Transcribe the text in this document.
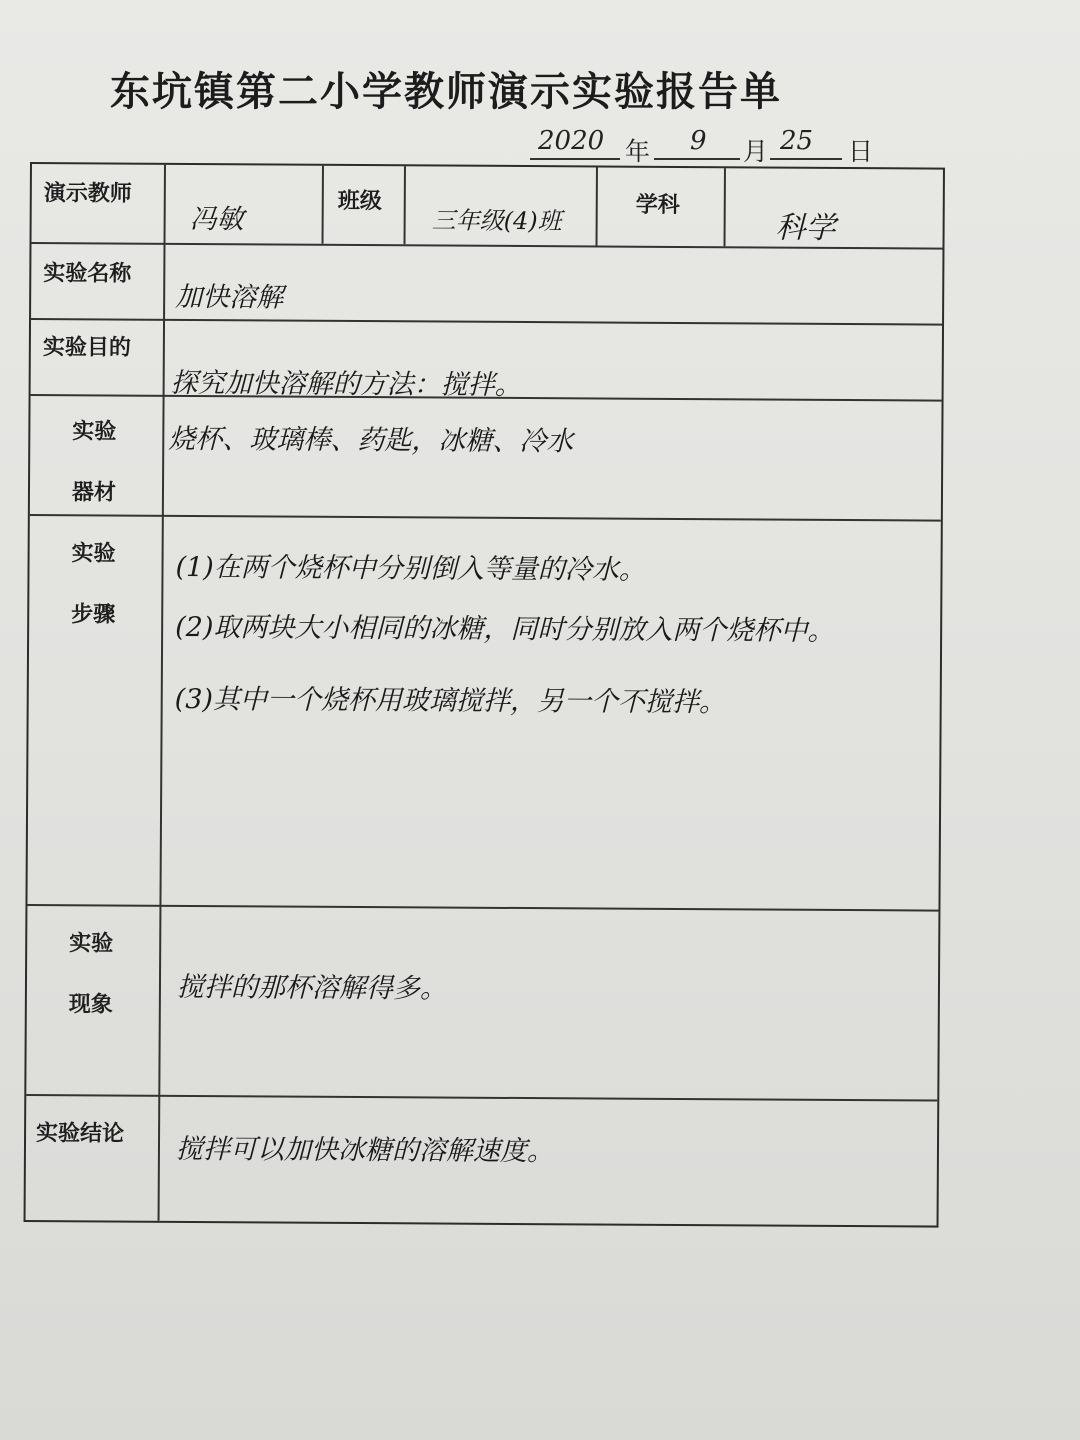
东坑镇第二小学教师演示实验报告单
2020 年 9 月 25 日
演示教师
冯敏
班级
三年级(4)班
学科
科学
实验名称
加快溶解
实验目的
探究加快溶解的方法：搅拌。
实验
器材
烧杯、玻璃棒、药匙，冰糖、冷水
实验
步骤
(1)在两个烧杯中分别倒入等量的冷水。
(2)取两块大小相同的冰糖，同时分别放入两个烧杯中。
(3)其中一个烧杯用玻璃搅拌，另一个不搅拌。
实验
现象
搅拌的那杯溶解得多。
实验结论
搅拌可以加快冰糖的溶解速度。
